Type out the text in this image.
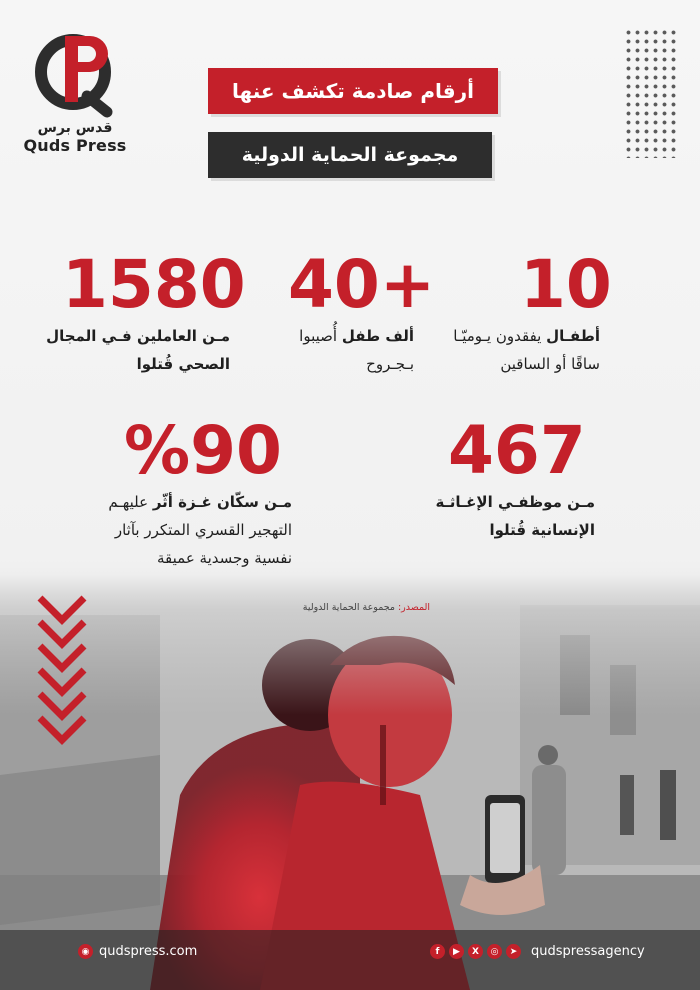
قدس برس
Quds Press
أرقام صادمة تكشف عنها
مجموعة الحماية الدولية
10
أطفـال يفقدون يـوميّـا
ساقًا أو الساقين
40+
ألف طفل أُصيبوا بـجـروح
1580
مـن العاملين فـي المجال
الصحي قُتلوا
467
مـن موظفـي الإغـاثـة
الإنسانية قُتلوا
%90
مـن سكّان غـزة أثّر عليهـم
التهجير القسري المتكرر بآثار
نفسية وجسدية عميقة
المصدر: مجموعة الحماية الدولية
◉ qudspress.com	f	▶	X	◎	➤ qudspressagency
